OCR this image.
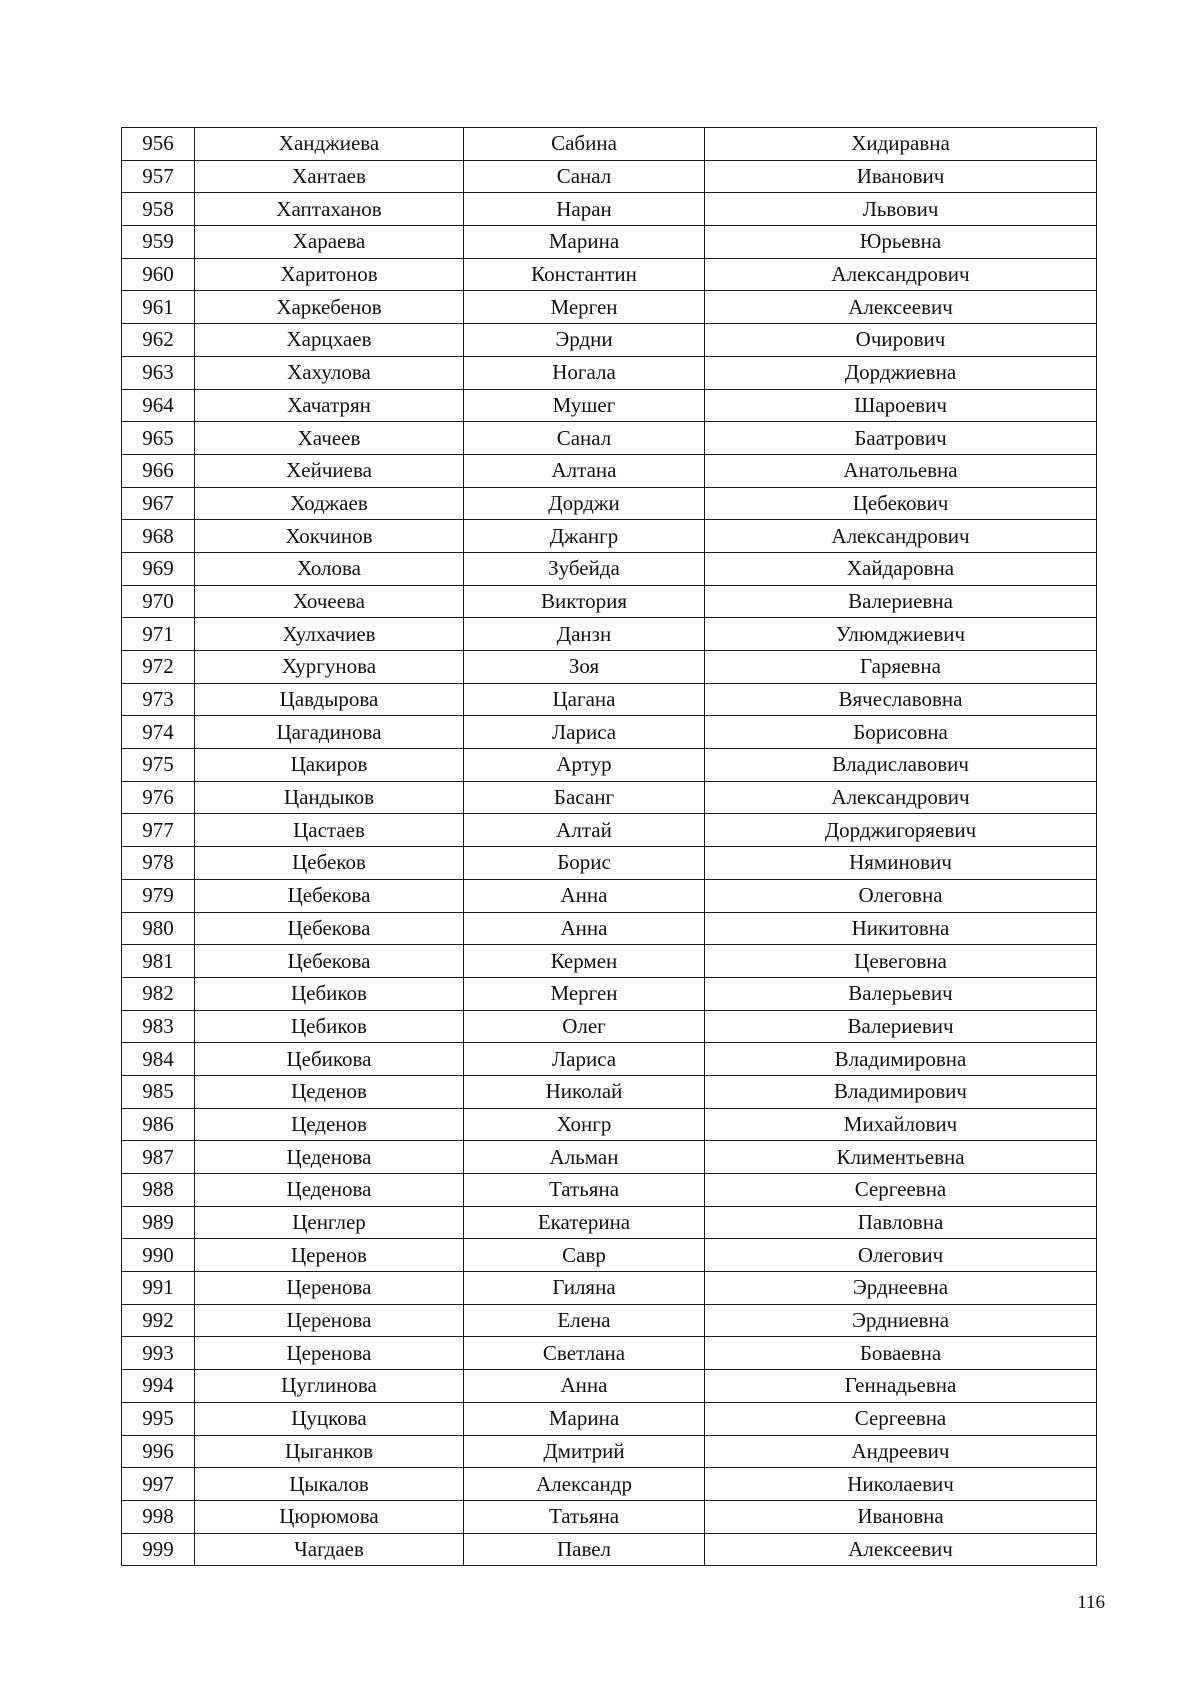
956	Ханджиева	Сабина	Хидиравна
957	Хантаев	Санал	Иванович
958	Хаптаханов	Наран	Львович
959	Хараева	Марина	Юрьевна
960	Харитонов	Константин	Александрович
961	Харкебенов	Мерген	Алексеевич
962	Харцхаев	Эрдни	Очирович
963	Хахулова	Ногала	Дорджиевна
964	Хачатрян	Мушег	Шароевич
965	Хачеев	Санал	Баатрович
966	Хейчиева	Алтана	Анатольевна
967	Ходжаев	Дорджи	Цебекович
968	Хокчинов	Джангр	Александрович
969	Холова	Зубейда	Хайдаровна
970	Хочеева	Виктория	Валериевна
971	Хулхачиев	Данзн	Улюмджиевич
972	Хургунова	Зоя	Гаряевна
973	Цавдырова	Цагана	Вячеславовна
974	Цагадинова	Лариса	Борисовна
975	Цакиров	Артур	Владиславович
976	Цандыков	Басанг	Александрович
977	Цастаев	Алтай	Дорджигоряевич
978	Цебеков	Борис	Няминович
979	Цебекова	Анна	Олеговна
980	Цебекова	Анна	Никитовна
981	Цебекова	Кермен	Цевеговна
982	Цебиков	Мерген	Валерьевич
983	Цебиков	Олег	Валериевич
984	Цебикова	Лариса	Владимировна
985	Цеденов	Николай	Владимирович
986	Цеденов	Хонгр	Михайлович
987	Цеденова	Альман	Климентьевна
988	Цеденова	Татьяна	Сергеевна
989	Ценглер	Екатерина	Павловна
990	Церенов	Савр	Олегович
991	Церенова	Гиляна	Эрднеевна
992	Церенова	Елена	Эрдниевна
993	Церенова	Светлана	Боваевна
994	Цуглинова	Анна	Геннадьевна
995	Цуцкова	Марина	Сергеевна
996	Цыганков	Дмитрий	Андреевич
997	Цыкалов	Александр	Николаевич
998	Цюрюмова	Татьяна	Ивановна
999	Чагдаев	Павел	Алексеевич
116
